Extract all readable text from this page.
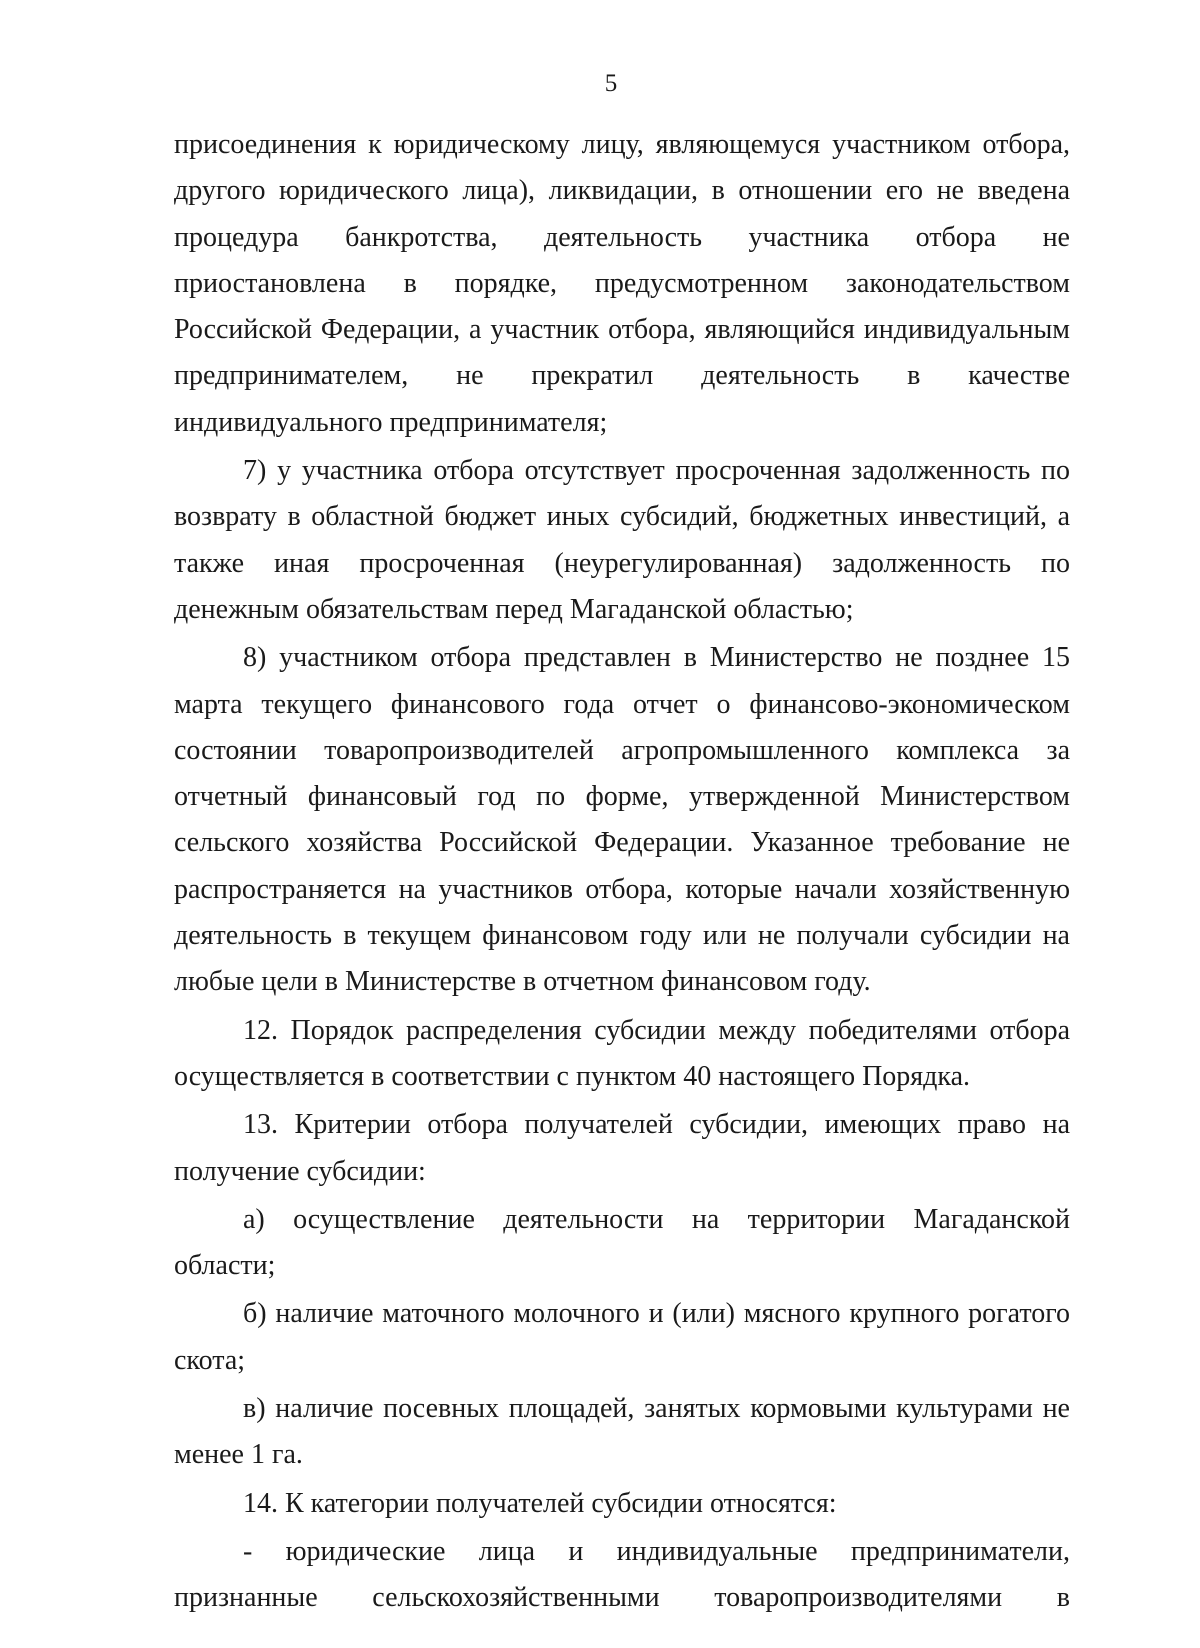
5

присоединения к юридическому лицу, являющемуся участником отбора, другого юридического лица), ликвидации, в отношении его не введена процедура банкротства, деятельность участника отбора не приостановлена в порядке, предусмотренном законодательством Российской Федерации, а участник отбора, являющийся индивидуальным предпринимателем, не прекратил деятельность в качестве индивидуального предпринимателя;

7) у участника отбора отсутствует просроченная задолженность по возврату в областной бюджет иных субсидий, бюджетных инвестиций, а также иная просроченная (неурегулированная) задолженность по денежным обязательствам перед Магаданской областью;

8) участником отбора представлен в Министерство не позднее 15 марта текущего финансового года отчет о финансово-экономическом состоянии товаропроизводителей агропромышленного комплекса за отчетный финансовый год по форме, утвержденной Министерством сельского хозяйства Российской Федерации. Указанное требование не распространяется на участников отбора, которые начали хозяйственную деятельность в текущем финансовом году или не получали субсидии на любые цели в Министерстве в отчетном финансовом году.

12. Порядок распределения субсидии между победителями отбора осуществляется в соответствии с пунктом 40 настоящего Порядка.

13. Критерии отбора получателей субсидии, имеющих право на получение субсидии:

а) осуществление деятельности на территории Магаданской области;

б) наличие маточного молочного и (или) мясного крупного рогатого скота;

в) наличие посевных площадей, занятых кормовыми культурами не менее 1 га.

14. К категории получателей субсидии относятся:

- юридические лица и индивидуальные предприниматели, признанные сельскохозяйственными товаропроизводителями в
